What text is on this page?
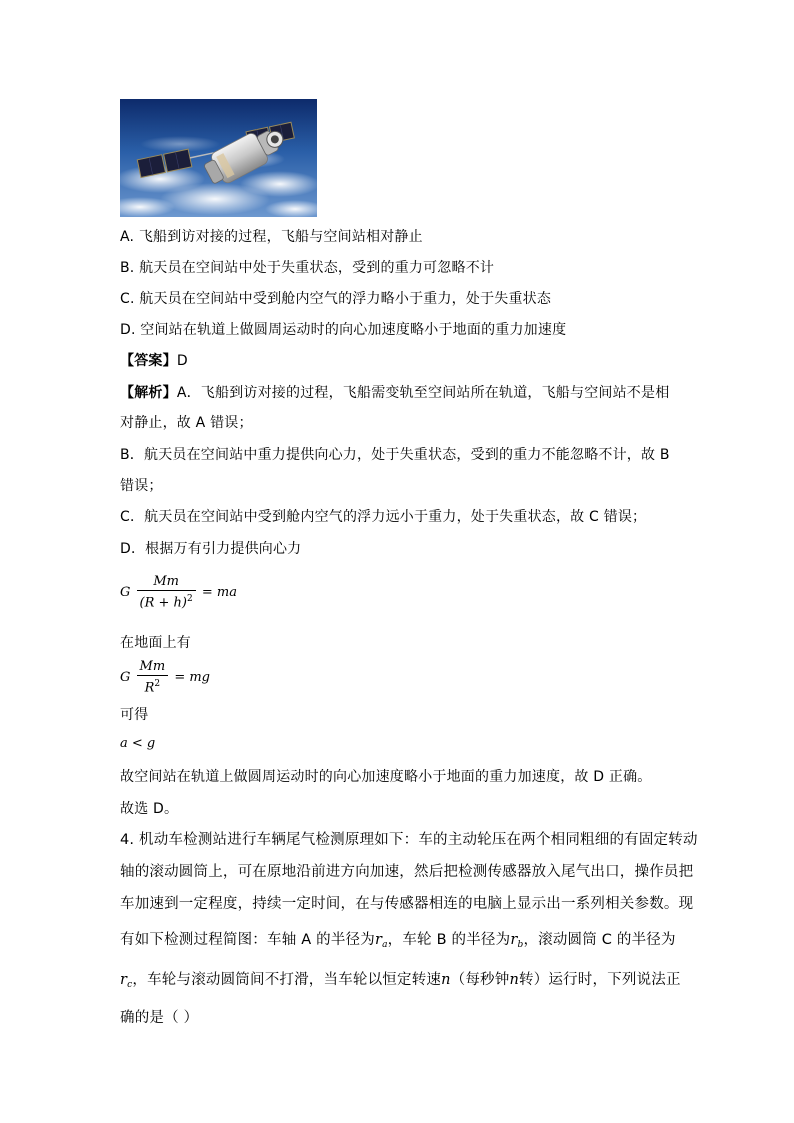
A. 飞船到访对接的过程，飞船与空间站相对静止
B. 航天员在空间站中处于失重状态，受到的重力可忽略不计
C. 航天员在空间站中受到舱内空气的浮力略小于重力，处于失重状态
D. 空间站在轨道上做圆周运动时的向心加速度略小于地面的重力加速度
【答案】D
【解析】A．飞船到访对接的过程，飞船需变轨至空间站所在轨道，飞船与空间站不是相
对静止，故 A 错误；
B．航天员在空间站中重力提供向心力，处于失重状态，受到的重力不能忽略不计，故 B
错误；
C．航天员在空间站中受到舱内空气的浮力远小于重力，处于失重状态，故 C 错误；
D．根据万有引力提供向心力
G $\frac{Mm}{(R + h)^2}$ = ma
在地面上有
G $\frac{Mm}{R^2}$ = mg
可得
a < g
故空间站在轨道上做圆周运动时的向心加速度略小于地面的重力加速度，故 D 正确。
故选 D。
4. 机动车检测站进行车辆尾气检测原理如下：车的主动轮压在两个相同粗细的有固定转动
轴的滚动圆筒上，可在原地沿前进方向加速，然后把检测传感器放入尾气出口，操作员把
车加速到一定程度，持续一定时间，在与传感器相连的电脑上显示出一系列相关参数。现
有如下检测过程简图：车轴 A 的半径为$r_a$，车轮 B 的半径为$r_b$，滚动圆筒 C 的半径为
$r_c$，车轮与滚动圆筒间不打滑，当车轮以恒定转速n（每秒钟n转）运行时，下列说法正
确的是（ ）
